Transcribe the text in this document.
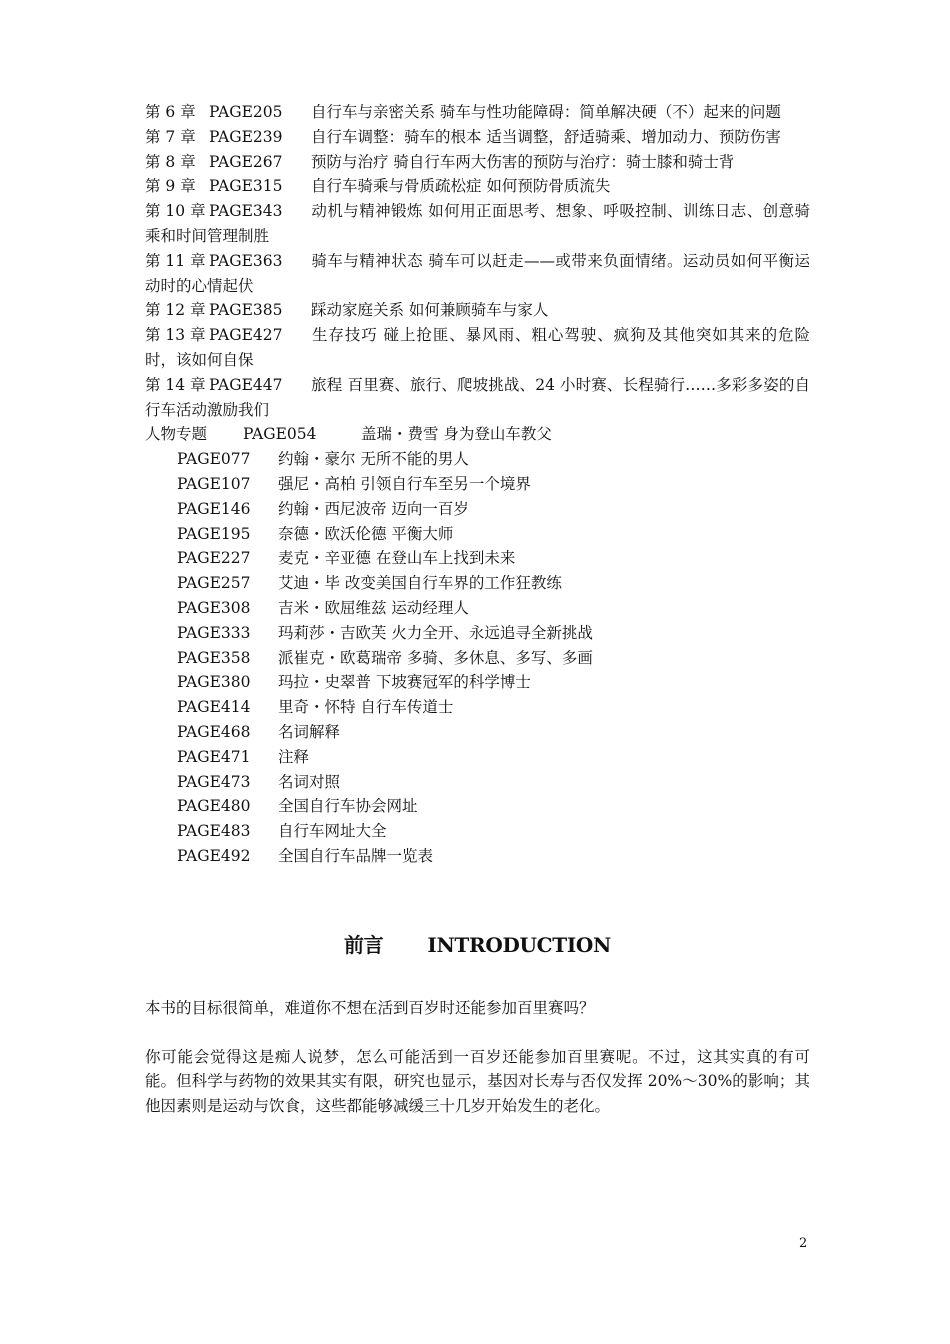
第 6 章 PAGE205 自行车与亲密关系 骑车与性功能障碍：简单解决硬（不）起来的问题

第 7 章 PAGE239 自行车调整：骑车的根本 适当调整，舒适骑乘、增加动力、预防伤害

第 8 章 PAGE267 预防与治疗 骑自行车两大伤害的预防与治疗：骑士膝和骑士背

第 9 章 PAGE315 自行车骑乘与骨质疏松症 如何预防骨质流失

第 10 章 PAGE343 动机与精神锻炼 如何用正面思考、想象、呼吸控制、训练日志、创意骑乘和时间管理制胜

第 11 章 PAGE363 骑车与精神状态 骑车可以赶走——或带来负面情绪。运动员如何平衡运动时的心情起伏

第 12 章 PAGE385 踩动家庭关系 如何兼顾骑车与家人

第 13 章 PAGE427 生存技巧 碰上抢匪、暴风雨、粗心驾驶、疯狗及其他突如其来的危险时，该如何自保

第 14 章 PAGE447 旅程 百里赛、旅行、爬坡挑战、24 小时赛、长程骑行……多彩多姿的自行车活动激励我们

人物专题 PAGE054	盖瑞・费雪 身为登山车教父

PAGE077 约翰・豪尔 无所不能的男人

PAGE107 强尼・高柏 引领自行车至另一个境界

PAGE146 约翰・西尼波帝 迈向一百岁

PAGE195 奈德・欧沃伦德 平衡大师

PAGE227 麦克・辛亚德 在登山车上找到未来

PAGE257 艾迪・毕 改变美国自行车界的工作狂教练

PAGE308 吉米・欧屈维兹 运动经理人

PAGE333 玛莉莎・吉欧芙 火力全开、永远追寻全新挑战

PAGE358 派崔克・欧葛瑞帝 多骑、多休息、多写、多画

PAGE380 玛拉・史翠普 下坡赛冠军的科学博士

PAGE414 里奇・怀特 自行车传道士

PAGE468 名词解释

PAGE471 注释

PAGE473 名词对照

PAGE480 全国自行车协会网址

PAGE483 自行车网址大全

PAGE492 全国自行车品牌一览表

前言 INTRODUCTION

本书的目标很简单，难道你不想在活到百岁时还能参加百里赛吗？

你可能会觉得这是痴人说梦，怎么可能活到一百岁还能参加百里赛呢。不过，这其实真的有可能。但科学与药物的效果其实有限，研究也显示，基因对长寿与否仅发挥 20%～30%的影响；其他因素则是运动与饮食，这些都能够减缓三十几岁开始发生的老化。

2
